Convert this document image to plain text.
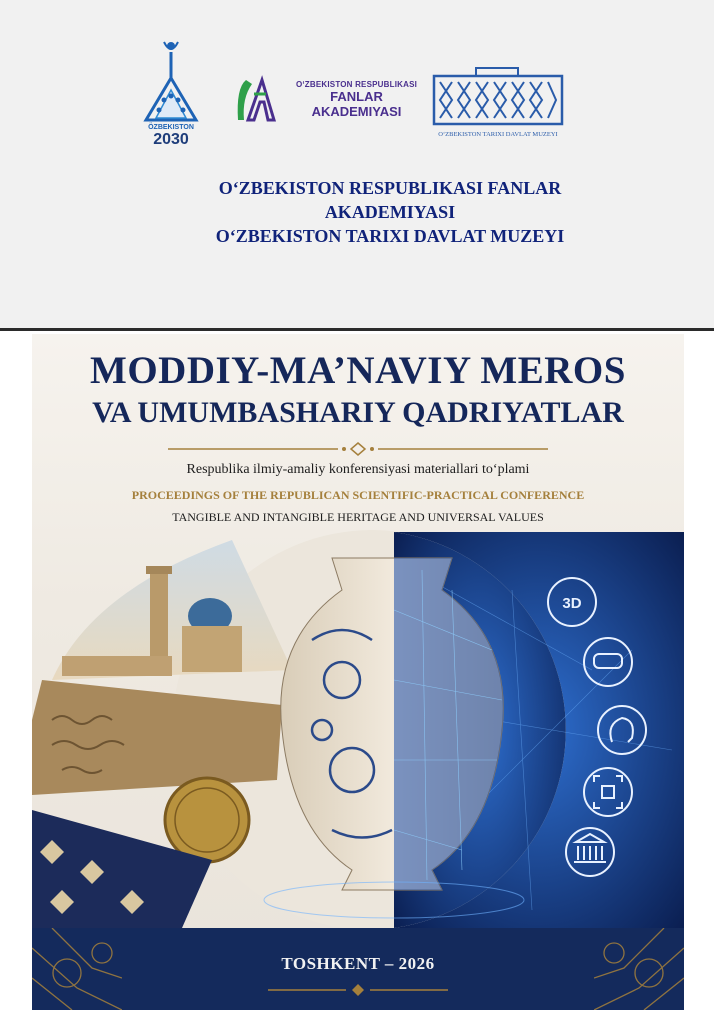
ÖZBEKISTON
2030
O‘ZBEKISTON RESPUBLIKASI
FANLAR
AKADEMIYASI
O‘ZBEKISTON TARIXI DAVLAT MUZEYI
O‘ZBEKISTON RESPUBLIKASI FANLAR
AKADEMIYASI
O‘ZBEKISTON TARIXI DAVLAT MUZEYI
MODDIY-MA’NAVIY MEROS
VA UMUMBASHARIY QADRIYATLAR
Respublika ilmiy-amaliy konferensiyasi materiallari to‘plami
PROCEEDINGS OF THE REPUBLICAN SCIENTIFIC-PRACTICAL CONFERENCE
TANGIBLE AND INTANGIBLE HERITAGE AND UNIVERSAL VALUES
3D
TOSHKENT – 2026
